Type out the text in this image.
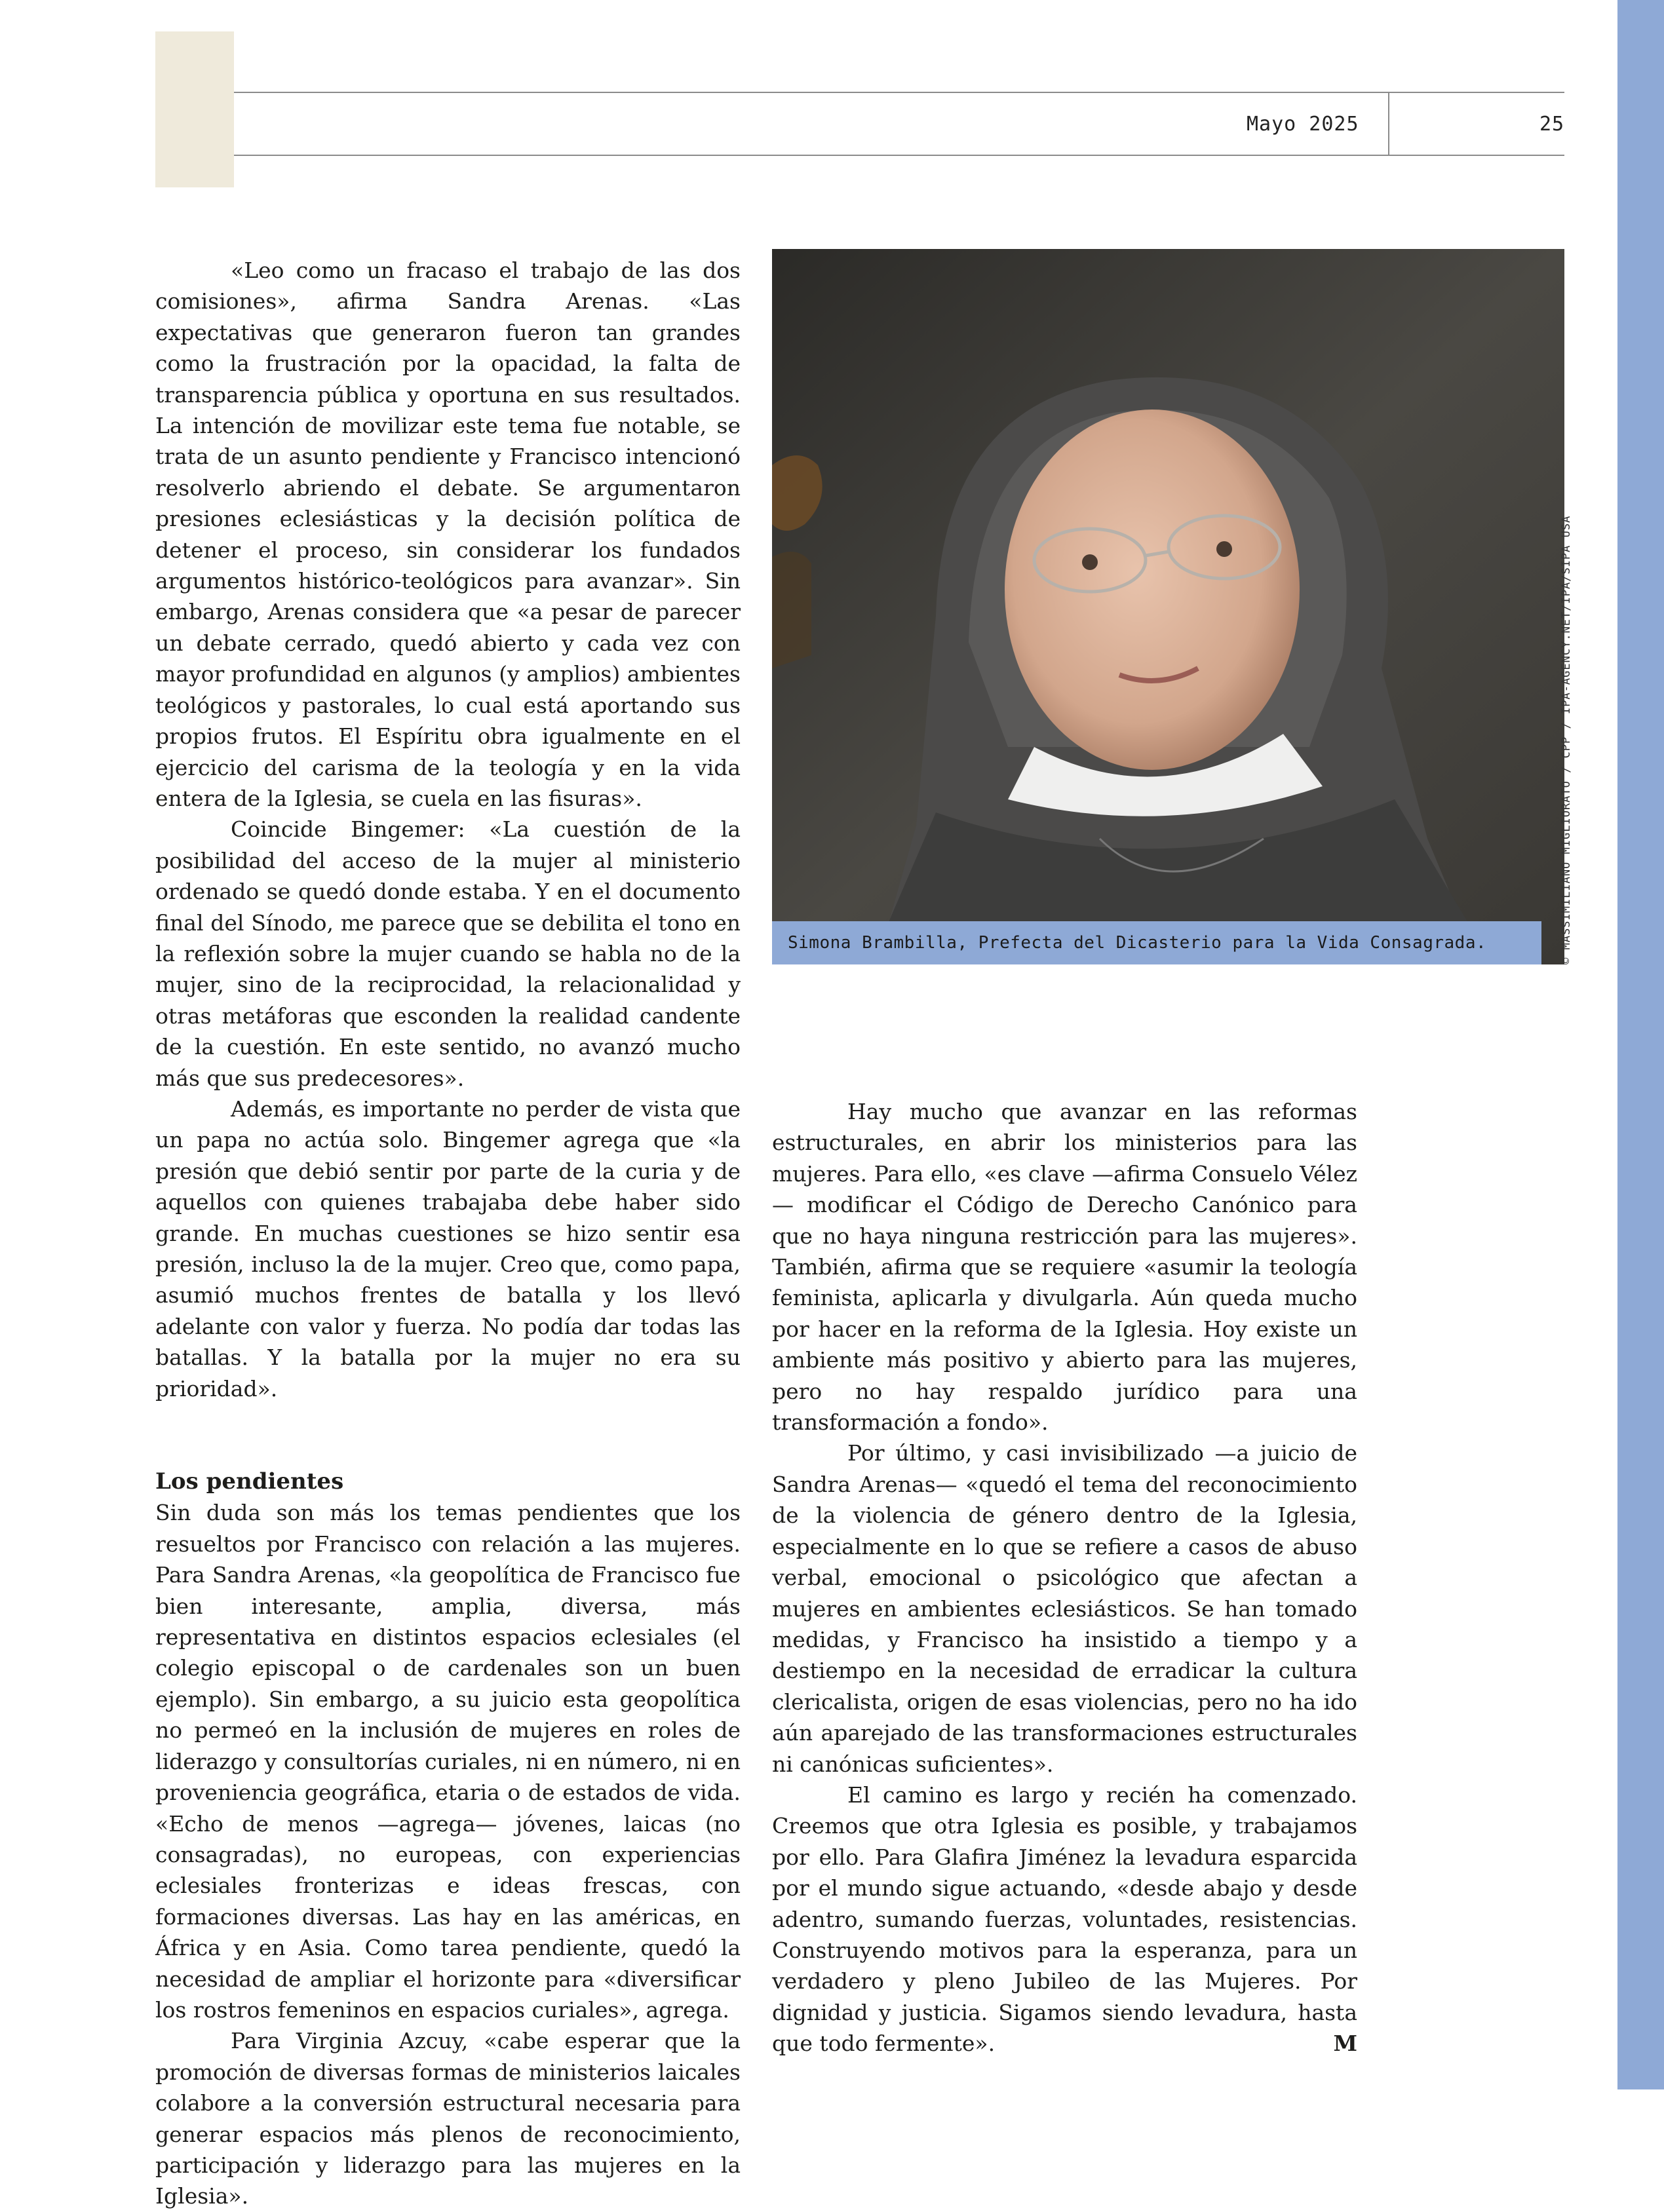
Mayo 2025	25
Simona Brambilla, Prefecta del Dicasterio para la Vida Consagrada.	© MASSIMILIANO MIGLIORATO / CPP / IPA-AGENCY.NET/IPA/SIPA USA

«Leo como un fracaso el trabajo de las dos comisiones», afirma Sandra Arenas. «Las expectativas que generaron fueron tan grandes como la frustración por la opacidad, la falta de transparencia pública y oportuna en sus resultados. La intención de movilizar este tema fue notable, se trata de un asunto pendiente y Francisco intencionó resolverlo abriendo el debate. Se argumentaron presiones eclesiásticas y la decisión política de detener el proceso, sin considerar los fundados argumentos histórico-teológicos para avanzar». Sin embargo, Arenas considera que «a pesar de parecer un debate cerrado, quedó abierto y cada vez con mayor profundidad en algunos (y amplios) ambientes teológicos y pastorales, lo cual está aportando sus propios frutos. El Espíritu obra igualmente en el ejercicio del carisma de la teología y en la vida entera de la Iglesia, se cuela en las fisuras».

Coincide Bingemer: «La cuestión de la posibilidad del acceso de la mujer al ministerio ordenado se quedó donde estaba. Y en el documento final del Sínodo, me parece que se debilita el tono en la reflexión sobre la mujer cuando se habla no de la mujer, sino de la reciprocidad, la relacionalidad y otras metáforas que esconden la realidad candente de la cuestión. En este sentido, no avanzó mucho más que sus predecesores».

Además, es importante no perder de vista que un papa no actúa solo. Bingemer agrega que «la presión que debió sentir por parte de la curia y de aquellos con quienes trabajaba debe haber sido grande. En muchas cuestiones se hizo sentir esa presión, incluso la de la mujer. Creo que, como papa, asumió muchos frentes de batalla y los llevó adelante con valor y fuerza. No podía dar todas las batallas. Y la batalla por la mujer no era su prioridad».

Los pendientes

Sin duda son más los temas pendientes que los resueltos por Francisco con relación a las mujeres. Para Sandra Arenas, «la geopolítica de Francisco fue bien interesante, amplia, diversa, más representativa en distintos espacios eclesiales (el colegio episcopal o de cardenales son un buen ejemplo). Sin embargo, a su juicio esta geopolítica no permeó en la inclusión de mujeres en roles de liderazgo y consultorías curiales, ni en número, ni en proveniencia geográfica, etaria o de estados de vida. «Echo de menos —agrega— jóvenes, laicas (no consagradas), no europeas, con experiencias eclesiales fronterizas e ideas frescas, con formaciones diversas. Las hay en las américas, en África y en Asia. Como tarea pendiente, quedó la necesidad de ampliar el horizonte para «diversificar los rostros femeninos en espacios curiales», agrega.

Para Virginia Azcuy, «cabe esperar que la promoción de diversas formas de ministerios laicales colabore a la conversión estructural necesaria para generar espacios más plenos de reconocimiento, participación y liderazgo para las mujeres en la Iglesia».

Hay mucho que avanzar en las reformas estructurales, en abrir los ministerios para las mujeres. Para ello, «es clave —afirma Consuelo Vélez— modificar el Código de Derecho Canónico para que no haya ninguna restricción para las mujeres». También, afirma que se requiere «asumir la teología feminista, aplicarla y divulgarla. Aún queda mucho por hacer en la reforma de la Iglesia. Hoy existe un ambiente más positivo y abierto para las mujeres, pero no hay respaldo jurídico para una transformación a fondo».

Por último, y casi invisibilizado —a juicio de Sandra Arenas— «quedó el tema del reconocimiento de la violencia de género dentro de la Iglesia, especialmente en lo que se refiere a casos de abuso verbal, emocional o psicológico que afectan a mujeres en ambientes eclesiásticos. Se han tomado medidas, y Francisco ha insistido a tiempo y a destiempo en la necesidad de erradicar la cultura clericalista, origen de esas violencias, pero no ha ido aún aparejado de las transformaciones estructurales ni canónicas suficientes».

El camino es largo y recién ha comenzado. Creemos que otra Iglesia es posible, y trabajamos por ello. Para Glafira Jiménez la levadura esparcida por el mundo sigue actuando, «desde abajo y desde adentro, sumando fuerzas, voluntades, resistencias. Construyendo motivos para la esperanza, para un verdadero y pleno Jubileo de las Mujeres. Por dignidad y justicia. Sigamos siendo levadura, hasta que todo fermente».	M
